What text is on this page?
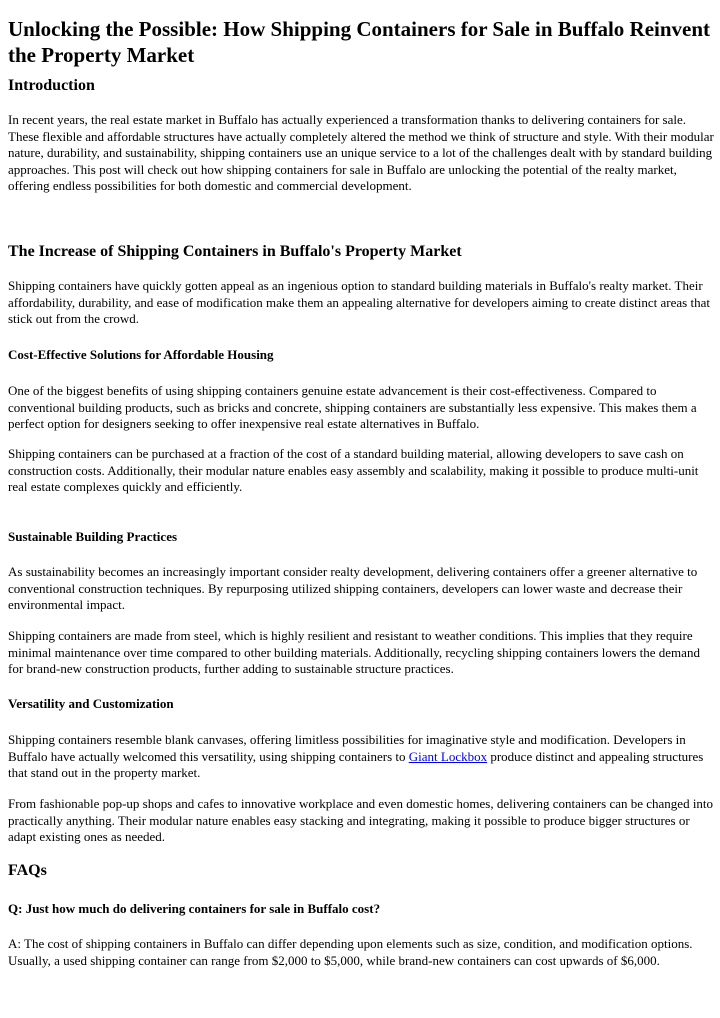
Unlocking the Possible: How Shipping Containers for Sale in Buffalo Reinvent the Property Market
Introduction

In recent years, the real estate market in Buffalo has actually experienced a transformation thanks to delivering containers for sale. These flexible and affordable structures have actually completely altered the method we think of structure and style. With their modular nature, durability, and sustainability, shipping containers use an unique service to a lot of the challenges dealt with by standard building approaches. This post will check out how shipping containers for sale in Buffalo are unlocking the potential of the realty market, offering endless possibilities for both domestic and commercial development.

The Increase of Shipping Containers in Buffalo's Property Market

Shipping containers have quickly gotten appeal as an ingenious option to standard building materials in Buffalo's realty market. Their affordability, durability, and ease of modification make them an appealing alternative for developers aiming to create distinct areas that stick out from the crowd.

Cost-Effective Solutions for Affordable Housing

One of the biggest benefits of using shipping containers genuine estate advancement is their cost-effectiveness. Compared to conventional building products, such as bricks and concrete, shipping containers are substantially less expensive. This makes them a perfect option for designers seeking to offer inexpensive real estate alternatives in Buffalo.

Shipping containers can be purchased at a fraction of the cost of a standard building material, allowing developers to save cash on construction costs. Additionally, their modular nature enables easy assembly and scalability, making it possible to produce multi-unit real estate complexes quickly and efficiently.

Sustainable Building Practices

As sustainability becomes an increasingly important consider realty development, delivering containers offer a greener alternative to conventional construction techniques. By repurposing utilized shipping containers, developers can lower waste and decrease their environmental impact.

Shipping containers are made from steel, which is highly resilient and resistant to weather conditions. This implies that they require minimal maintenance over time compared to other building materials. Additionally, recycling shipping containers lowers the demand for brand-new construction products, further adding to sustainable structure practices.

Versatility and Customization

Shipping containers resemble blank canvases, offering limitless possibilities for imaginative style and modification. Developers in Buffalo have actually welcomed this versatility, using shipping containers to Giant Lockbox produce distinct and appealing structures that stand out in the property market.

From fashionable pop-up shops and cafes to innovative workplace and even domestic homes, delivering containers can be changed into practically anything. Their modular nature enables easy stacking and integrating, making it possible to produce bigger structures or adapt existing ones as needed.

FAQs
Q: Just how much do delivering containers for sale in Buffalo cost?

A: The cost of shipping containers in Buffalo can differ depending upon elements such as size, condition, and modification options. Usually, a used shipping container can range from $2,000 to $5,000, while brand-new containers can cost upwards of $6,000.
